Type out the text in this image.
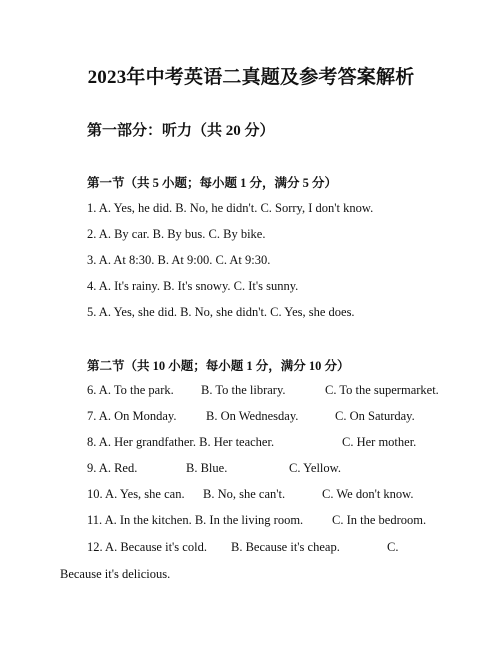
2023年中考英语二真题及参考答案解析
第一部分：听力（共 20 分）
第一节（共 5 小题；每小题 1 分，满分 5 分）
1. A. Yes, he did. B. No, he didn't. C. Sorry, I don't know.
2. A. By car. B. By bus. C. By bike.
3. A. At 8:30. B. At 9:00. C. At 9:30.
4. A. It's rainy. B. It's snowy. C. It's sunny.
5. A. Yes, she did. B. No, she didn't. C. Yes, she does.
第二节（共 10 小题；每小题 1 分，满分 10 分）
6. A. To the park. B. To the library.	C. To the supermarket.
7. A. On Monday. B. On Wednesday.	C. On Saturday.
8. A. Her grandfather. B. Her teacher.	C. Her mother.
9. A. Red.	B. Blue.	C. Yellow.
10. A. Yes, she can. B. No, she can't.	C. We don't know.
11. A. In the kitchen. B. In the living room. C. In the bedroom.
12. A. Because it's cold. B. Because it's cheap.	C.
Because it's delicious.
